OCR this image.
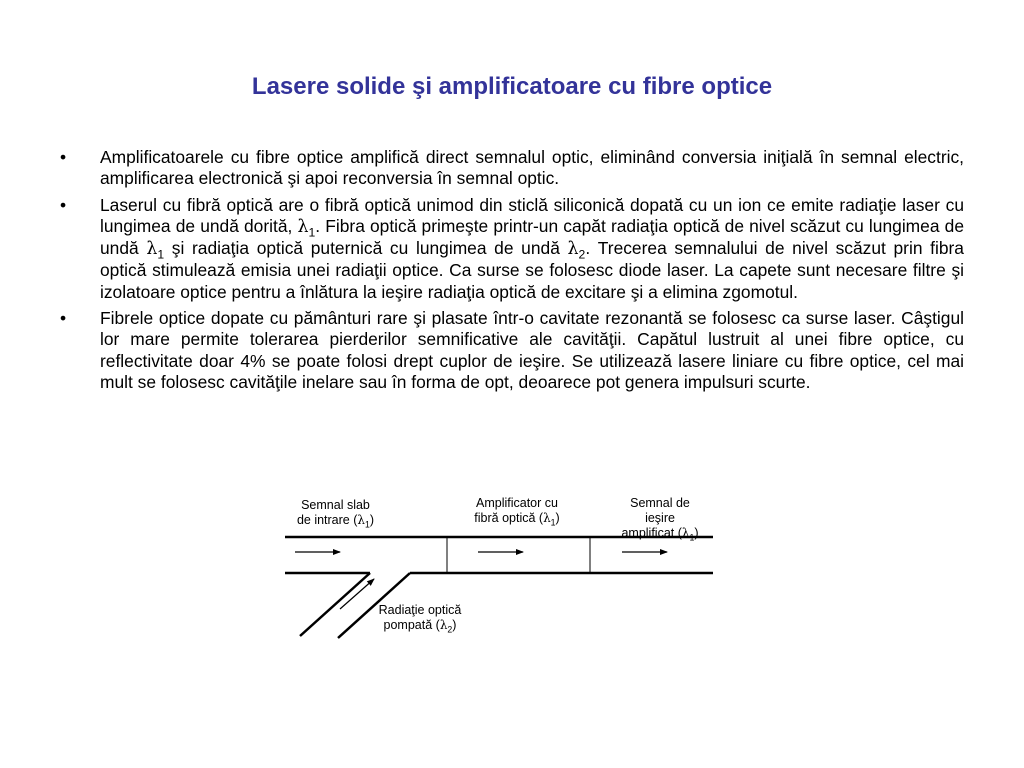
Lasere solide şi amplificatoare cu fibre optice
• Amplificatoarele cu fibre optice amplifică direct semnalul optic, eliminând conversia iniţială în semnal electric, amplificarea electronică şi apoi reconversia în semnal optic.
• Laserul cu fibră optică are o fibră optică unimod din sticlă siliconică dopată cu un ion ce emite radiaţie laser cu lungimea de undă dorită, $\lambda_1$. Fibra optică primeşte printr-un capăt radiaţia optică de nivel scăzut cu lungimea de undă $\lambda_1$ şi radiaţia optică puternică cu lungimea de undă $\lambda_2$. Trecerea semnalului de nivel scăzut prin fibra optică stimulează emisia unei radiaţii optice. Ca surse se folosesc diode laser. La capete sunt necesare filtre şi izolatoare optice pentru a înlătura la ieşire radiaţia optică de excitare şi a elimina zgomotul.
• Fibrele optice dopate cu pământuri rare şi plasate într-o cavitate rezonantă se folosesc ca surse laser. Câştigul lor mare permite tolerarea pierderilor semnificative ale cavităţii. Capătul lustruit al unei fibre optice, cu reflectivitate doar 4% se poate folosi drept cuplor de ieşire. Se utilizează lasere liniare cu fibre optice, cel mai mult se folosesc cavităţile inelare sau în forma de opt, deoarece pot genera impulsuri scurte.
Semnal slab
de intrare $(\lambda_1)$
Amplificator cu
fibră optică $(\lambda_1)$
Semnal de
ieşire
amplificat $(\lambda_1)$
Radiaţie optică
pompată $(\lambda_2)$
